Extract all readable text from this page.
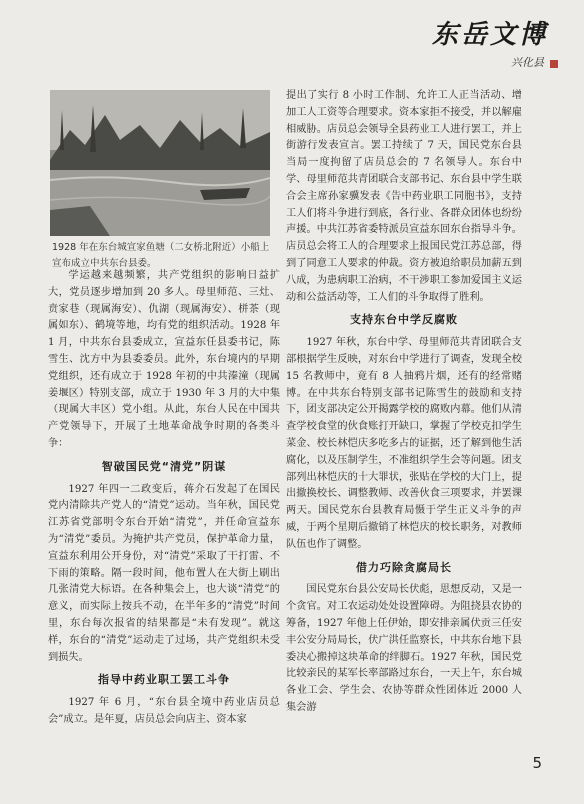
东岳文博
兴化县
1928 年在东台城宣家鱼塘（二女桥北附近）小船上宣布成立中共东台县委。

学运越来越频繁，共产党组织的影响日益扩大，党员逐步增加到 20 多人。母里师范、三灶、贲家巷（现属海安）、仇湖（现属海安）、栟茶（现属如东）、鹤境等地，均有党的组织活动。1928 年 1 月，中共东台县委成立，宣益东任县委书记，陈雪生、沈方中为县委委员。此外，东台境内的早期党组织，还有成立于 1928 年初的中共溱潼（现属姜堰区）特别支部，成立于 1930 年 3 月的大中集（现属大丰区）党小组。从此，东台人民在中国共产党领导下，开展了土地革命战争时期的各类斗争：

智破国民党“清党”阴谋

1927 年四一二政变后，蒋介石发起了在国民党内清除共产党人的“清党”运动。当年秋，国民党江苏省党部明令东台开始“清党”，并任命宣益东为“清党”委员。为掩护共产党员，保护革命力量，宣益东利用公开身份，对“清党”采取了干打雷、不下雨的策略。隔一段时间，他布置人在大街上刷出几张清党大标语。在各种集会上，也大谈“清党”的意义，而实际上按兵不动，在半年多的“清党”时间里，东台每次报省的结果都是“未有发现”。就这样，东台的“清党”运动走了过场，共产党组织未受到损失。

指导中药业职工罢工斗争

1927 年 6 月，“东台县全境中药业店员总会”成立。是年夏，店员总会向店主、资本家

提出了实行 8 小时工作制、允许工人正当活动、增加工人工资等合理要求。资本家拒不接受，并以解雇相威胁。店员总会领导全县药业工人进行罢工，并上街游行发表宣言。罢工持续了 7 天，国民党东台县当局一度拘留了店员总会的 7 名领导人。东台中学、母里师范共青团联合支部书记、东台县中学生联合会主席孙家骥发表《告中药业职工同胞书》，支持工人们将斗争进行到底，各行业、各群众团体也纷纷声援。中共江苏省委特派员宣益东回东台指导斗争。店员总会将工人的合理要求上报国民党江苏总部，得到了同意工人要求的仲裁。资方被迫给职员加薪五到八成，为患病职工治病，不干涉职工参加爱国主义运动和公益活动等，工人们的斗争取得了胜利。

支持东台中学反腐败

1927 年秋，东台中学、母里师范共青团联合支部根据学生反映，对东台中学进行了调查，发现全校 15 名教师中，竟有 8 人抽鸦片烟，还有的经常赌博。在中共东台特别支部书记陈雪生的鼓励和支持下，团支部决定公开揭露学校的腐败内幕。他们从清查学校食堂的伙食账打开缺口，掌握了学校克扣学生菜金、校长林恺庆多吃多占的证据，还了解到他生活腐化，以及压制学生，不准组织学生会等问题。团支部列出林恺庆的十大罪状，张贴在学校的大门上，提出撤换校长、调整教师、改善伙食三项要求，并罢课两天。国民党东台县教育局慑于学生正义斗争的声威，于两个星期后撤销了林恺庆的校长职务，对教师队伍也作了调整。

借力巧除贪腐局长

国民党东台县公安局长伏彪，思想反动，又是一个贪官。对工农运动处处设置障碍。为阻挠县农协的筹备，1927 年他上任伊始，即安排亲属伏贡三任安丰公安分局局长，伏广洪任监察长，中共东台地下县委决心搬掉这块革命的绊脚石。1927 年秋，国民党比较亲民的某军长率部路过东台，一天上午，东台城各业工会、学生会、农协等群众性团体近 2000 人集会游

5
